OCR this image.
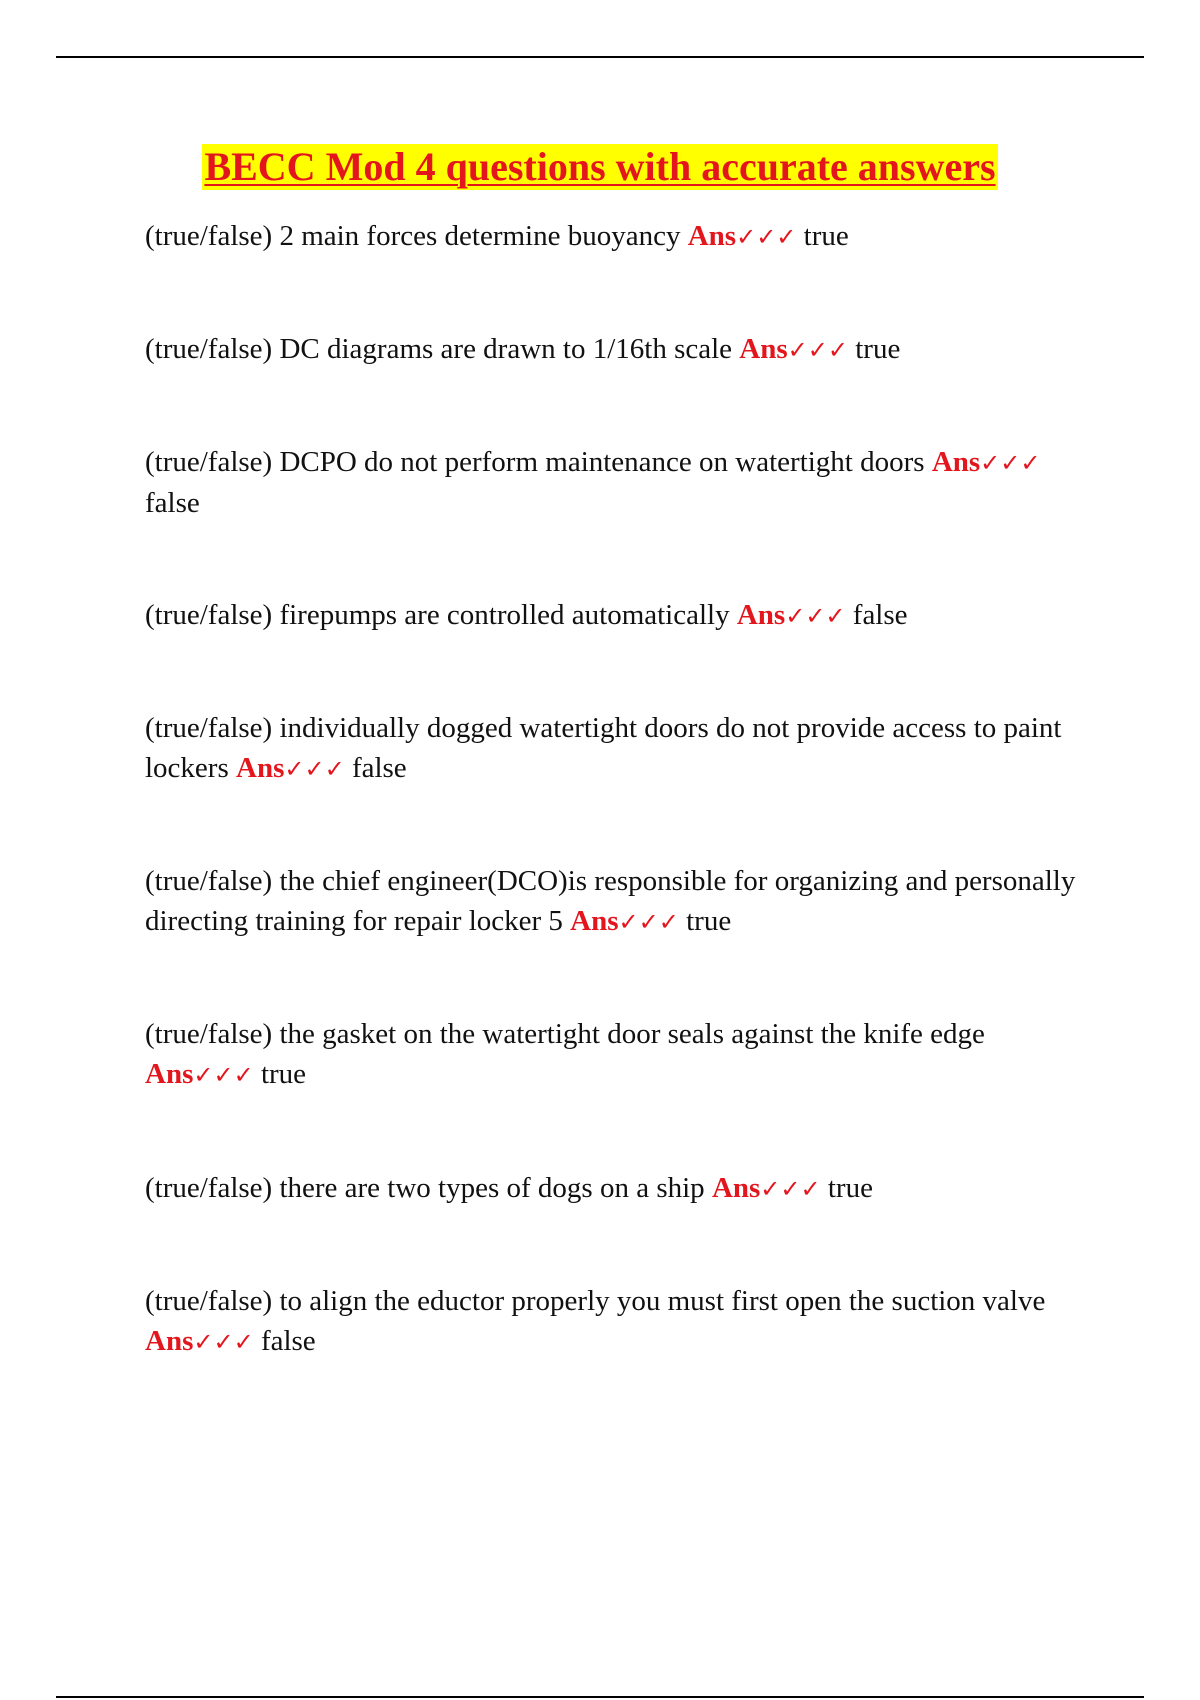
BECC Mod 4 questions with accurate answers
(true/false) 2 main forces determine buoyancy Ans✓✓✓ true
(true/false) DC diagrams are drawn to 1/16th scale Ans✓✓✓ true
(true/false) DCPO do not perform maintenance on watertight doors Ans✓✓✓ false
(true/false) firepumps are controlled automatically Ans✓✓✓ false
(true/false) individually dogged watertight doors do not provide access to paint lockers Ans✓✓✓ false
(true/false) the chief engineer(DCO)is responsible for organizing and personally directing training for repair locker 5 Ans✓✓✓ true
(true/false) the gasket on the watertight door seals against the knife edge Ans✓✓✓ true
(true/false) there are two types of dogs on a ship Ans✓✓✓ true
(true/false) to align the eductor properly you must first open the suction valve Ans✓✓✓ false
